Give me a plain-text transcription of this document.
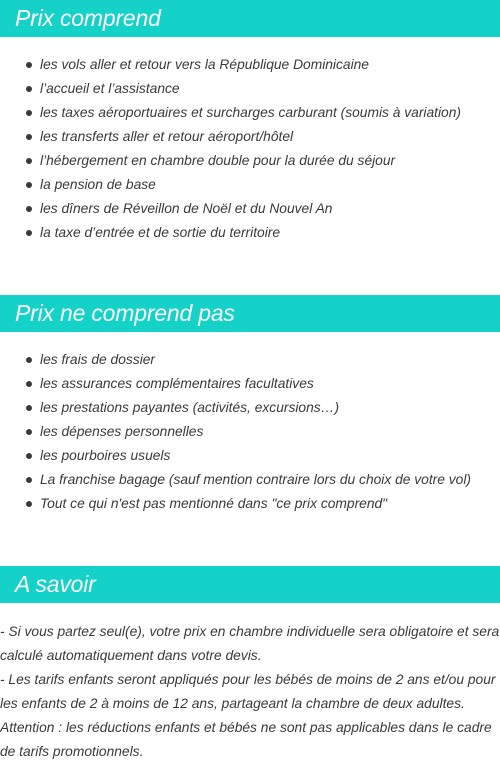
Prix comprend
les vols aller et retour vers la République Dominicaine
l’accueil et l’assistance
les taxes aéroportuaires et surcharges carburant (soumis à variation)
les transferts aller et retour aéroport/hôtel
l’hébergement en chambre double pour la durée du séjour
la pension de base
les dîners de Réveillon de Noël et du Nouvel An
la taxe d’entrée et de sortie du territoire
Prix ne comprend pas
les frais de dossier
les assurances complémentaires facultatives
les prestations payantes (activités, excursions…)
les dépenses personnelles
les pourboires usuels
La franchise bagage (sauf mention contraire lors du choix de votre vol)
Tout ce qui n'est pas mentionné dans "ce prix comprend"
A savoir

- Si vous partez seul(e), votre prix en chambre individuelle sera obligatoire et sera calculé automatiquement dans votre devis.

- Les tarifs enfants seront appliqués pour les bébés de moins de 2 ans et/ou pour les enfants de 2 à moins de 12 ans, partageant la chambre de deux adultes.

Attention : les réductions enfants et bébés ne sont pas applicables dans le cadre de tarifs promotionnels.
